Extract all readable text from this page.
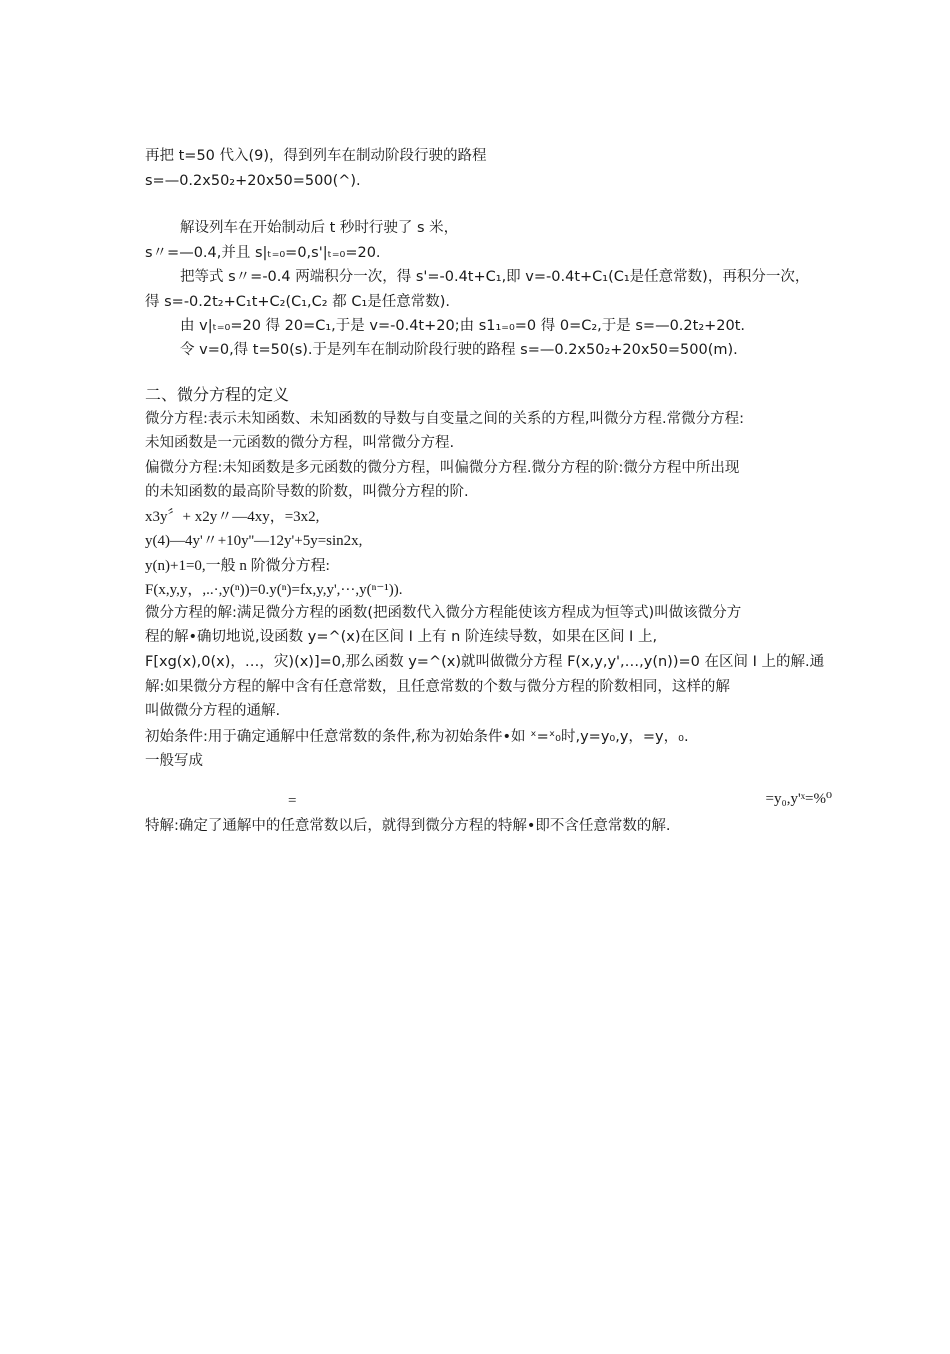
再把 t=50 代入(9)，得到列车在制动阶段行驶的路程
s=—0.2x50₂+20x50=500(^).
解设列车在开始制动后 t 秒时行驶了 s 米，
s〃=—0.4,并且 s|ₜ₌₀=0,s'|ₜ₌₀=20.
把等式 s〃=-0.4 两端积分一次，得 s'=-0.4t+C₁,即 v=-0.4t+C₁(C₁是任意常数)，再积分一次，
得 s=-0.2t₂+C₁t+C₂(C₁,C₂ 都 C₁是任意常数).
由 v|ₜ₌₀=20 得 20=C₁,于是 v=-0.4t+20;由 s1₁₌₀=0 得 0=C₂,于是 s=—0.2t₂+20t.
令 v=0,得 t=50(s).于是列车在制动阶段行驶的路程 s=—0.2x50₂+20x50=500(m).
二、微分方程的定义
微分方程:表示未知函数、未知函数的导数与自变量之间的关系的方程,叫微分方程.常微分方程:
未知函数是一元函数的微分方程，叫常微分方程.
偏微分方程:未知函数是多元函数的微分方程，叫偏微分方程.微分方程的阶:微分方程中所出现
的未知函数的最高阶导数的阶数，叫微分方程的阶.
x3y〞+ x2y〃—4xy，=3x2,
y(4)—4y'〃+10y''—12y'+5y=sin2x,
y(n)+1=0,一般 n 阶微分方程:
F(x,y,y，,..·,y(ⁿ))=0.y(ⁿ)=fx,y,y',···,y(ⁿ⁻¹)).
微分方程的解:满足微分方程的函数(把函数代入微分方程能使该方程成为恒等式)叫做该微分方
程的解•确切地说,设函数 y=^(x)在区间 I 上有 n 阶连续导数，如果在区间 I 上,
F[xg(x),0(x)，…，灾)(x)]=0,那么函数 y=^(x)就叫做微分方程 F(x,y,y',…,y(n))=0 在区间 I 上的解.通
解:如果微分方程的解中含有任意常数，且任意常数的个数与微分方程的阶数相同，这样的解
叫做微分方程的通解.
初始条件:用于确定通解中任意常数的条件,称为初始条件•如 ˣ=ˣ₀时,y=y₀,y，=y，₀.
一般写成
=	=y₀,y'ˣ=%⁰
特解:确定了通解中的任意常数以后，就得到微分方程的特解•即不含任意常数的解.
